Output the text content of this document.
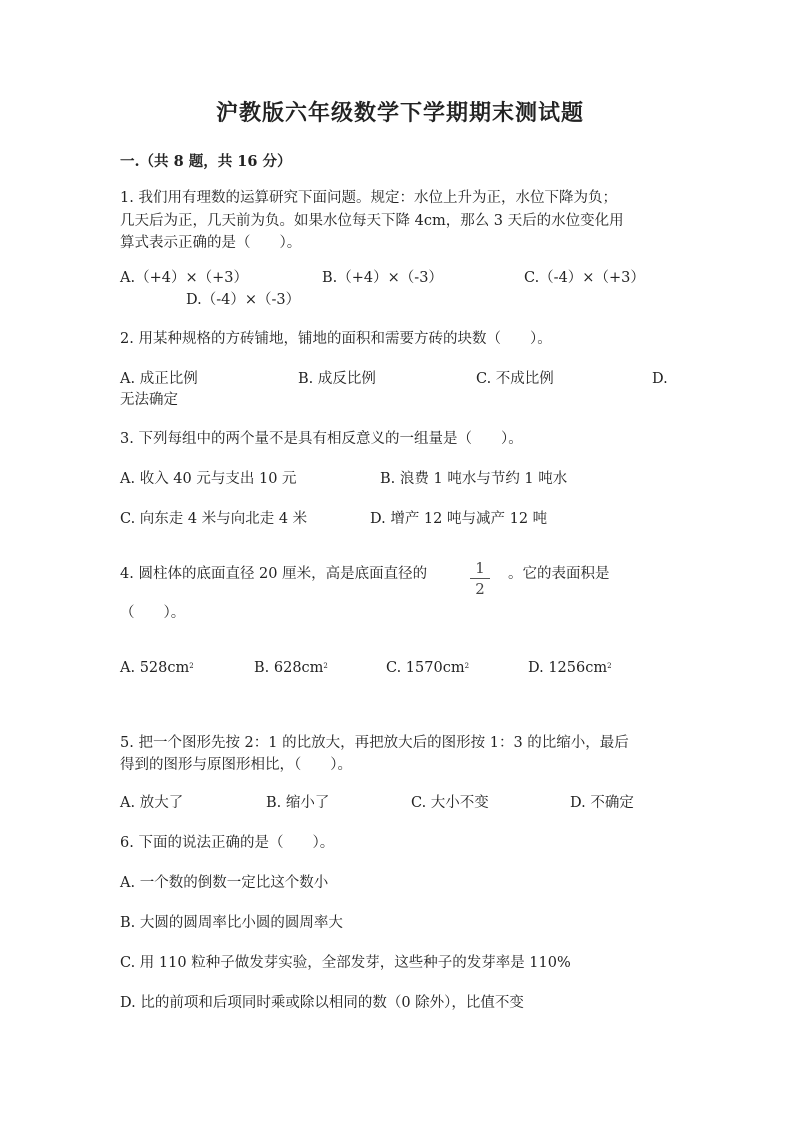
沪教版六年级数学下学期期末测试题
一.（共 8 题，共 16 分）
1. 我们用有理数的运算研究下面问题。规定：水位上升为正，水位下降为负；
几天后为正，几天前为负。如果水位每天下降 4cm，那么 3 天后的水位变化用
算式表示正确的是（　　）。
A.（+4）×（+3）	B.（+4）×（-3）	C.（-4）×（+3）
D.（-4）×（-3）
2. 用某种规格的方砖铺地，铺地的面积和需要方砖的块数（　　）。
A. 成正比例	B. 成反比例	C. 不成比例	D.
无法确定
3. 下列每组中的两个量不是具有相反意义的一组量是（　　）。
A. 收入 40 元与支出 10 元	B. 浪费 1 吨水与节约 1 吨水
C. 向东走 4 米与向北走 4 米	D. 增产 12 吨与减产 12 吨
4. 圆柱体的底面直径 20 厘米，高是底面直径的	1
2
。它的表面积是
（　　）。
A. $528cm^2$	B. $628cm^2$	C. $1570cm^2$	D. $1256cm^2$
5. 把一个图形先按 2：1 的比放大，再把放大后的图形按 1：3 的比缩小，最后
得到的图形与原图形相比，（　　）。
A. 放大了	B. 缩小了	C. 大小不变	D. 不确定
6. 下面的说法正确的是（　　）。
A. 一个数的倒数一定比这个数小
B. 大圆的圆周率比小圆的圆周率大
C. 用 110 粒种子做发芽实验，全部发芽，这些种子的发芽率是 110%
D. 比的前项和后项同时乘或除以相同的数（0 除外），比值不变
